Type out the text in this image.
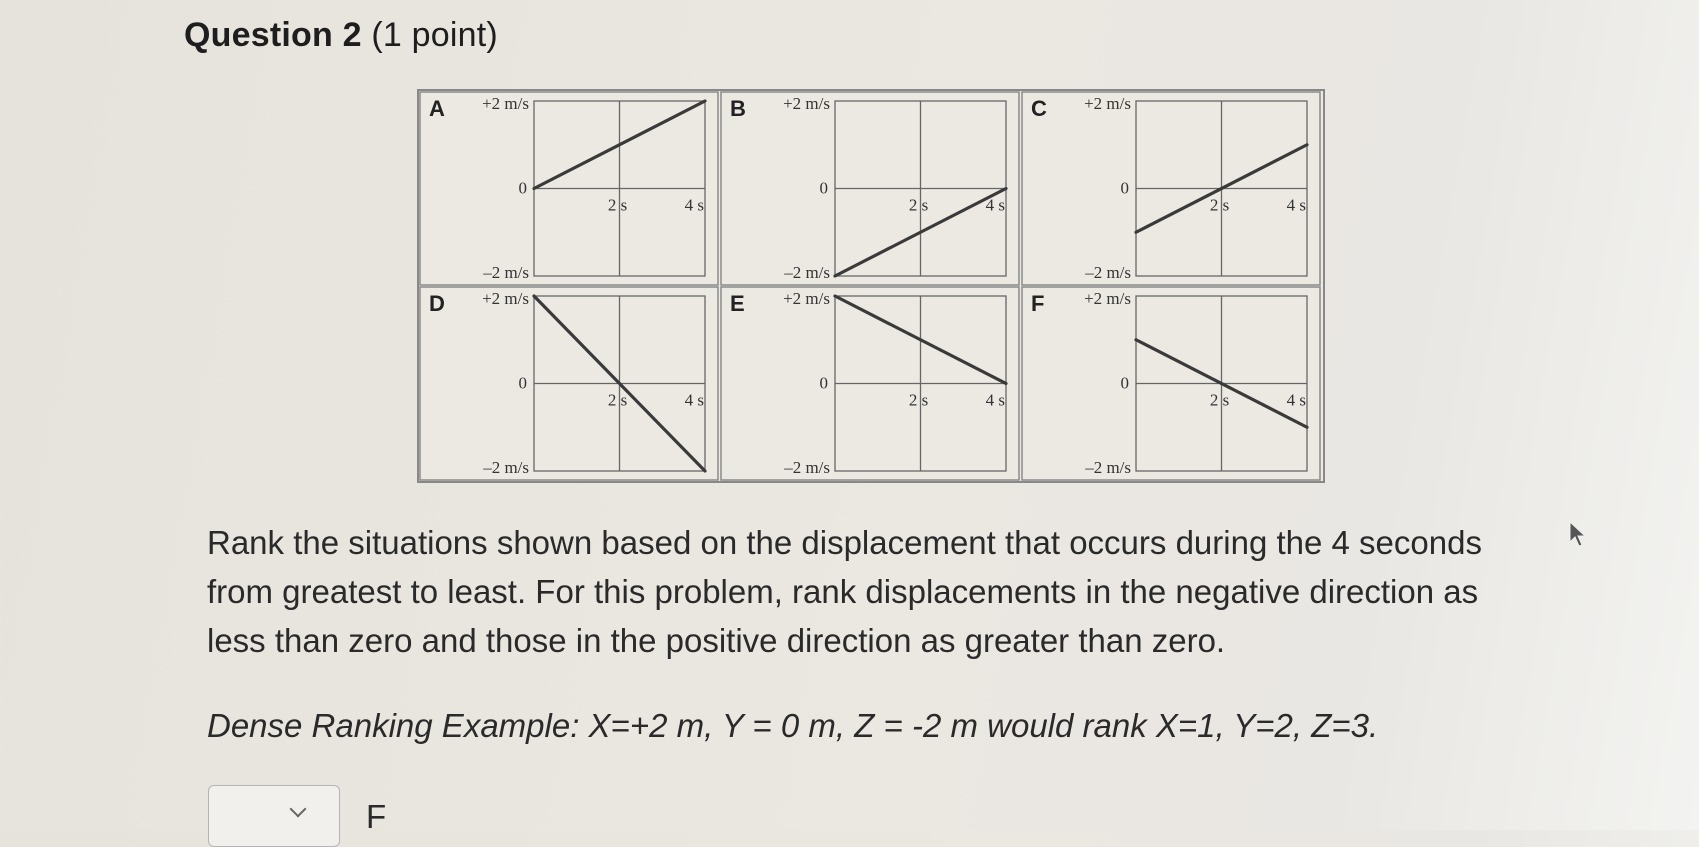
Question 2 (1 point)
A +2 m/s
0
–2 m/s
2 s	4 s
B +2 m/s
0
–2 m/s
2 s	4 s
C +2 m/s
0
–2 m/s
2 s	4 s
D +2 m/s
0
–2 m/s
2 s	4 s
E +2 m/s
0
–2 m/s
2 s	4 s
F +2 m/s
0
–2 m/s
2 s	4 s
Rank the situations shown based on the displacement that occurs during the 4 seconds from greatest to least. For this problem, rank displacements in the negative direction as less than zero and those in the positive direction as greater than zero.
Dense Ranking Example: X=+2 m, Y = 0 m, Z = -2 m would rank X=1, Y=2, Z=3.
F
